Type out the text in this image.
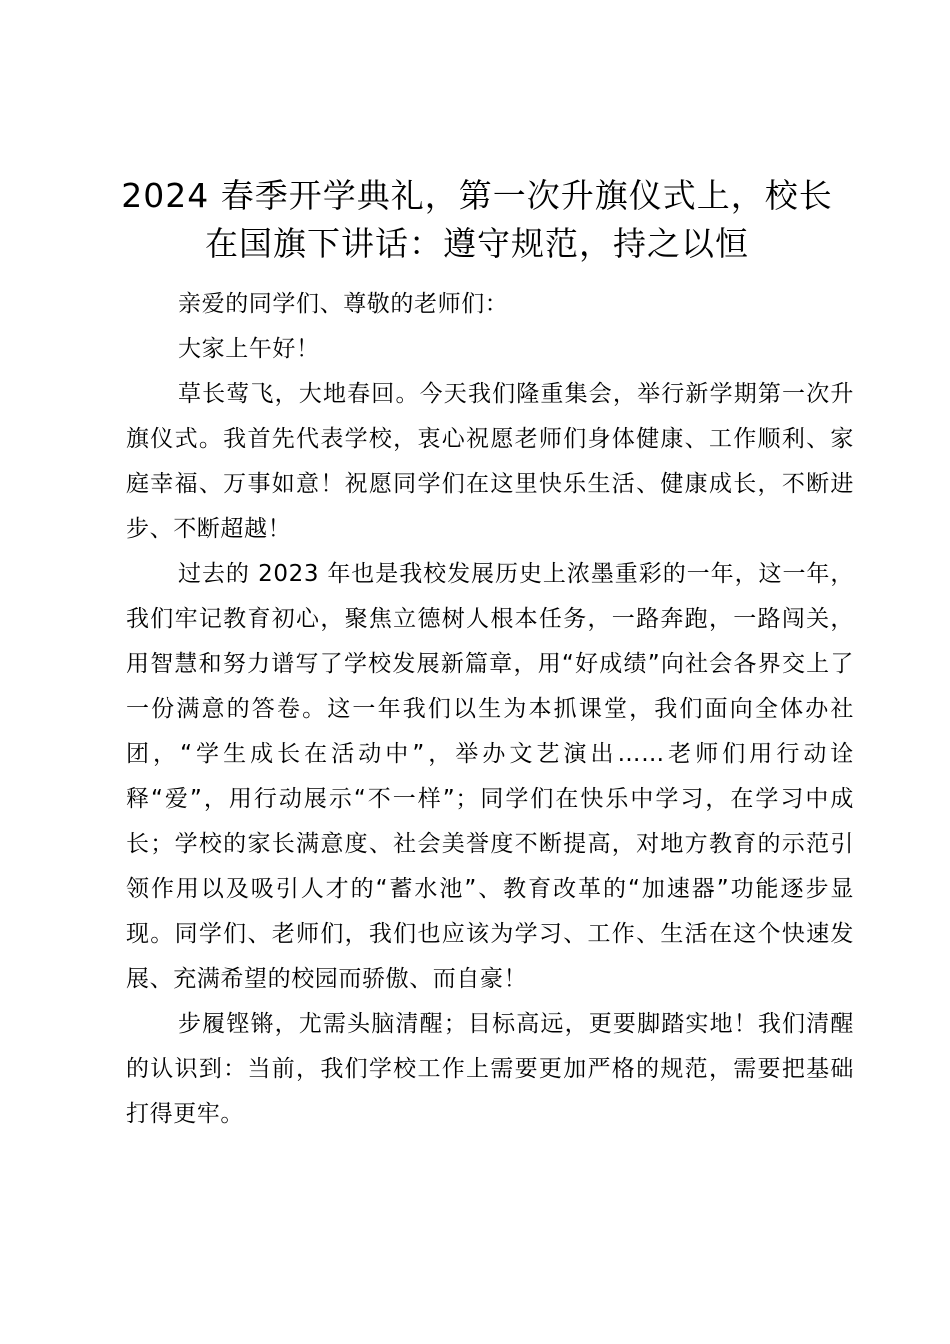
2024 春季开学典礼，第一次升旗仪式上，校长在国旗下讲话：遵守规范，持之以恒

亲爱的同学们、尊敬的老师们：

大家上午好！

草长莺飞，大地春回。今天我们隆重集会，举行新学期第一次升旗仪式。我首先代表学校，衷心祝愿老师们身体健康、工作顺利、家庭幸福、万事如意！祝愿同学们在这里快乐生活、健康成长，不断进步、不断超越！

过去的 2023 年也是我校发展历史上浓墨重彩的一年，这一年，我们牢记教育初心，聚焦立德树人根本任务，一路奔跑，一路闯关，用智慧和努力谱写了学校发展新篇章，用“好成绩”向社会各界交上了一份满意的答卷。这一年我们以生为本抓课堂，我们面向全体办社团，“学生成长在活动中”，举办文艺演出……老师们用行动诠释“爱”，用行动展示“不一样”；同学们在快乐中学习，在学习中成长；学校的家长满意度、社会美誉度不断提高，对地方教育的示范引领作用以及吸引人才的“蓄水池”、教育改革的“加速器”功能逐步显现。同学们、老师们，我们也应该为学习、工作、生活在这个快速发展、充满希望的校园而骄傲、而自豪！

步履铿锵，尤需头脑清醒；目标高远，更要脚踏实地！我们清醒的认识到：当前，我们学校工作上需要更加严格的规范，需要把基础打得更牢。
